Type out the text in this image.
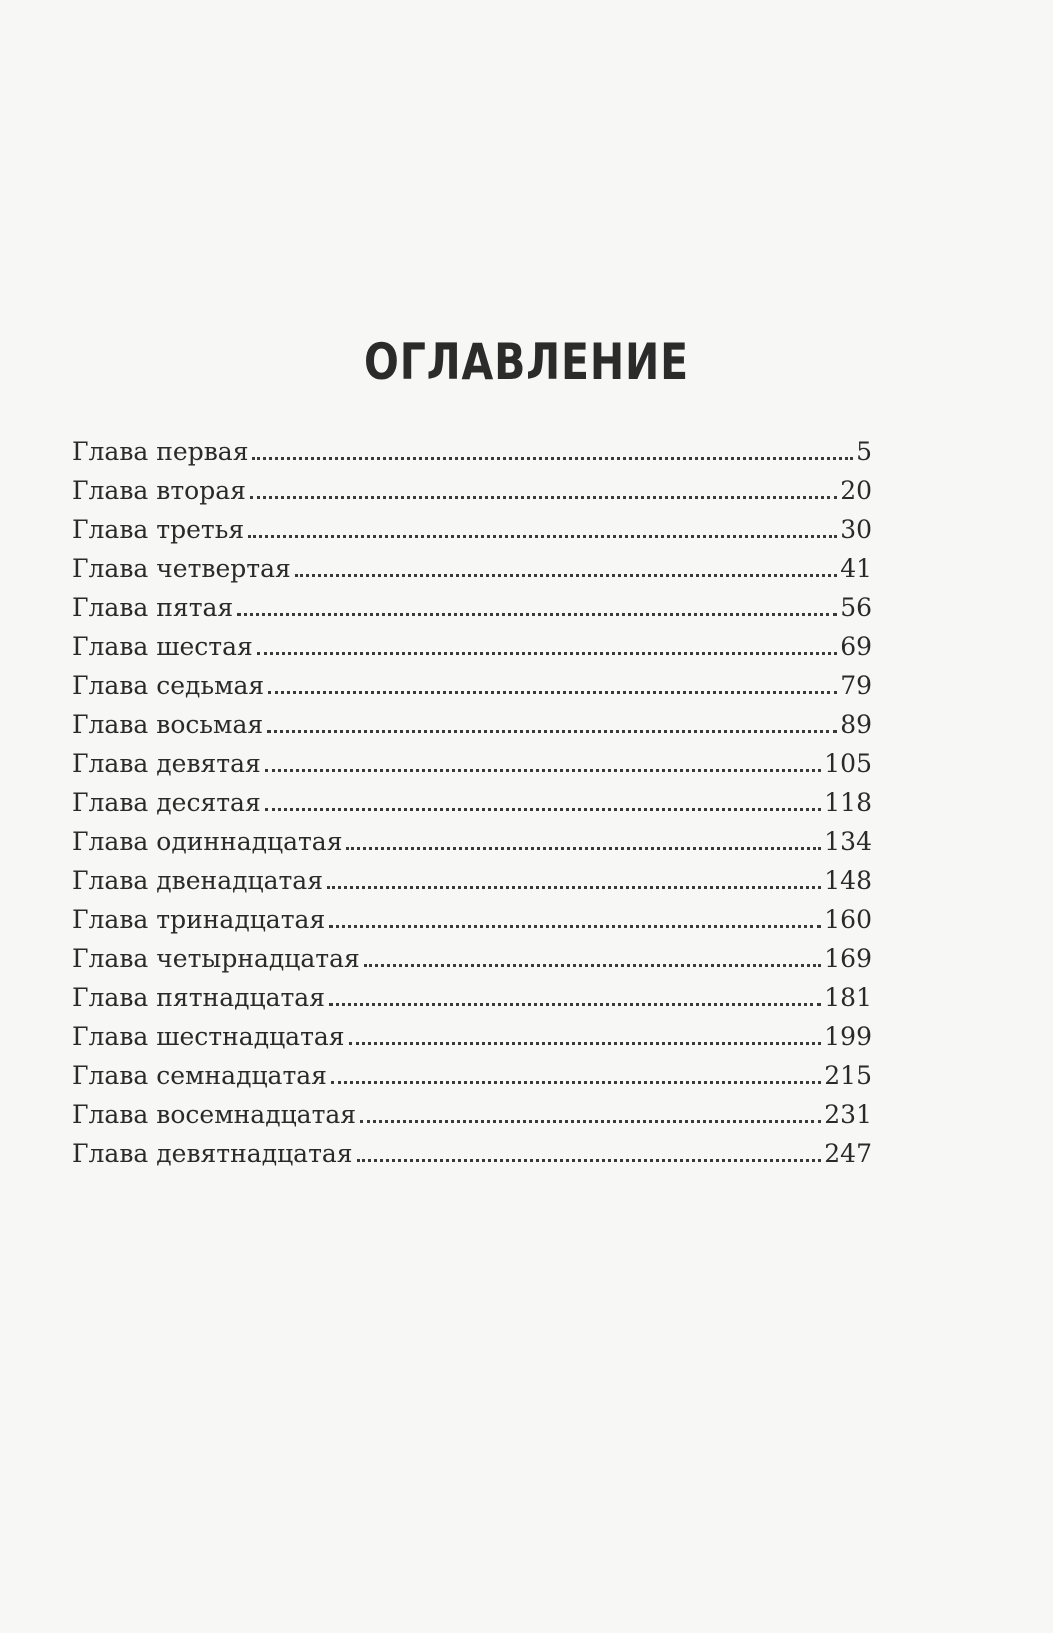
ОГЛАВЛЕНИЕ
Глава первая	5
Глава вторая	20
Глава третья	30
Глава четвертая	41
Глава пятая	56
Глава шестая	69
Глава седьмая	79
Глава восьмая	89
Глава девятая	105
Глава десятая	118
Глава одиннадцатая	134
Глава двенадцатая	148
Глава тринадцатая	160
Глава четырнадцатая	169
Глава пятнадцатая	181
Глава шестнадцатая	199
Глава семнадцатая	215
Глава восемнадцатая	231
Глава девятнадцатая	247
